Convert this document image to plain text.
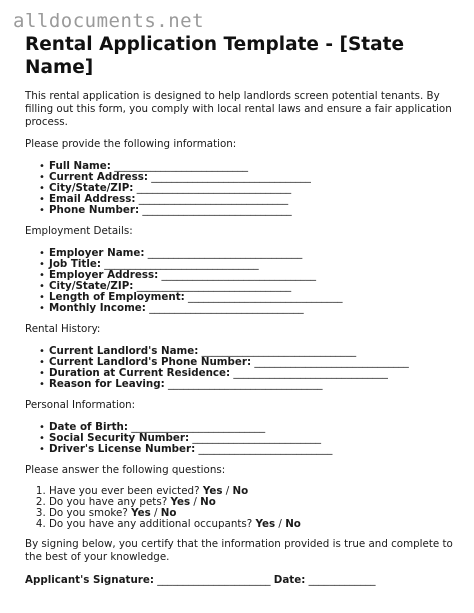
alldocuments.net
Rental Application Template - [State Name]

This rental application is designed to help landlords screen potential tenants. By filling out this form, you comply with local rental laws and ensure a fair application process.

Please provide the following information:

• Full Name: __________________________
• Current Address: _______________________________
• City/State/ZIP: ______________________________
• Email Address: _____________________________
• Phone Number: _____________________________

Employment Details:

• Employer Name: ______________________________
• Job Title: ______________________________
• Employer Address: ______________________________
• City/State/ZIP: ______________________________
• Length of Employment: ______________________________
• Monthly Income: ______________________________

Rental History:

• Current Landlord's Name: ______________________________
• Current Landlord's Phone Number: ______________________________
• Duration at Current Residence: ______________________________
• Reason for Leaving: ______________________________

Personal Information:

• Date of Birth: __________________________
• Social Security Number: _________________________
• Driver's License Number: __________________________

Please answer the following questions:

1. Have you ever been evicted? Yes / No
2. Do you have any pets? Yes / No
3. Do you smoke? Yes / No
4. Do you have any additional occupants? Yes / No

By signing below, you certify that the information provided is true and complete to the best of your knowledge.

Applicant's Signature: ______________________ Date: _____________
